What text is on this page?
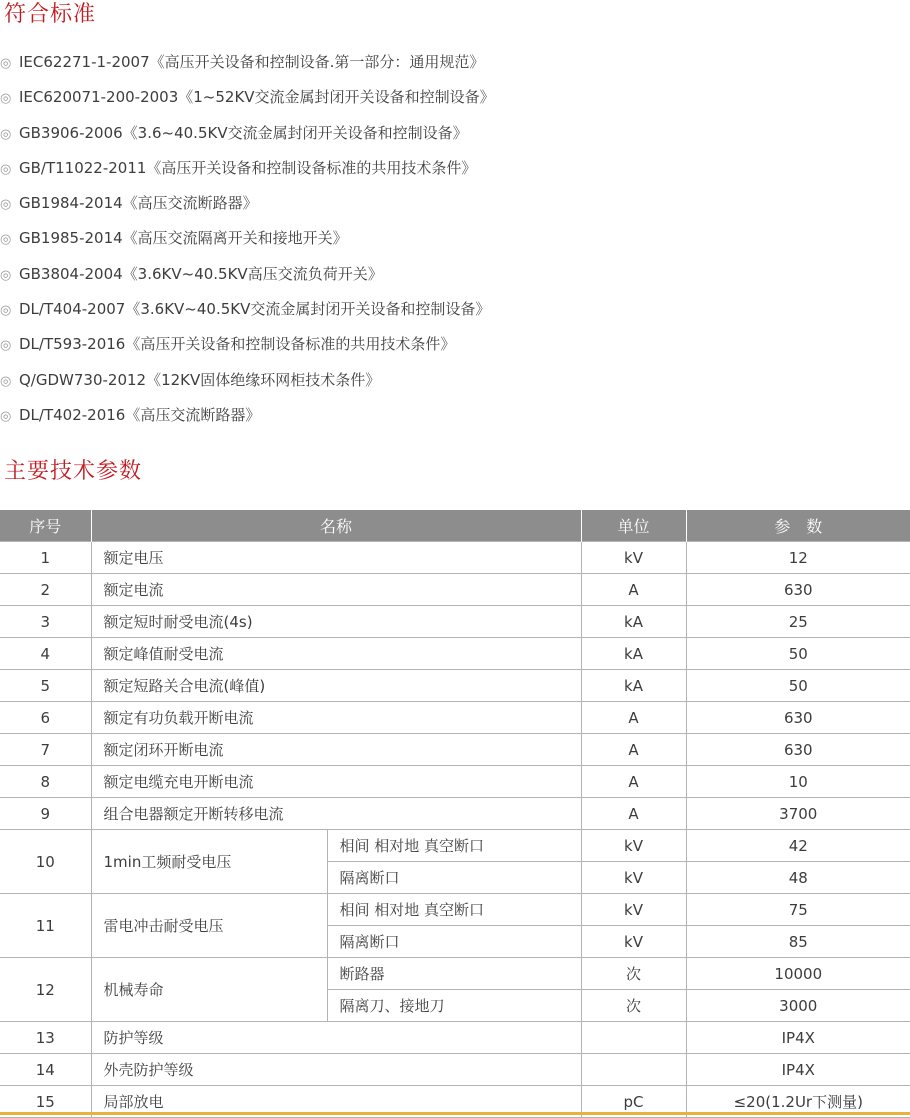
符合标准
◎ IEC62271-1-2007《高压开关设备和控制设备.第一部分：通用规范》
◎ IEC620071-200-2003《1~52KV交流金属封闭开关设备和控制设备》
◎ GB3906-2006《3.6~40.5KV交流金属封闭开关设备和控制设备》
◎ GB/T11022-2011《高压开关设备和控制设备标准的共用技术条件》
◎ GB1984-2014《高压交流断路器》
◎ GB1985-2014《高压交流隔离开关和接地开关》
◎ GB3804-2004《3.6KV~40.5KV高压交流负荷开关》
◎ DL/T404-2007《3.6KV~40.5KV交流金属封闭开关设备和控制设备》
◎ DL/T593-2016《高压开关设备和控制设备标准的共用技术条件》
◎ Q/GDW730-2012《12KV固体绝缘环网柜技术条件》
◎ DL/T402-2016《高压交流断路器》
主要技术参数
序号	名称		单位	参　数
1	额定电压		kV	12
2	额定电流		A	630
3	额定短时耐受电流(4s)		kA	25
4	额定峰值耐受电流		kA	50
5	额定短路关合电流(峰值)		kA	50
6	额定有功负载开断电流		A	630
7	额定闭环开断电流		A	630
8	额定电缆充电开断电流		A	10
9	组合电器额定开断转移电流		A	3700
10	1min工频耐受电压	相间 相对地 真空断口	kV	42
		隔离断口	kV	48
11	雷电冲击耐受电压	相间 相对地 真空断口	kV	75
		隔离断口	kV	85
12	机械寿命	断路器	次	10000
		隔离刀、接地刀	次	3000
13	防护等级			IP4X
14	外壳防护等级			IP4X
15	局部放电		pC	≤20(1.2Ur下测量)
